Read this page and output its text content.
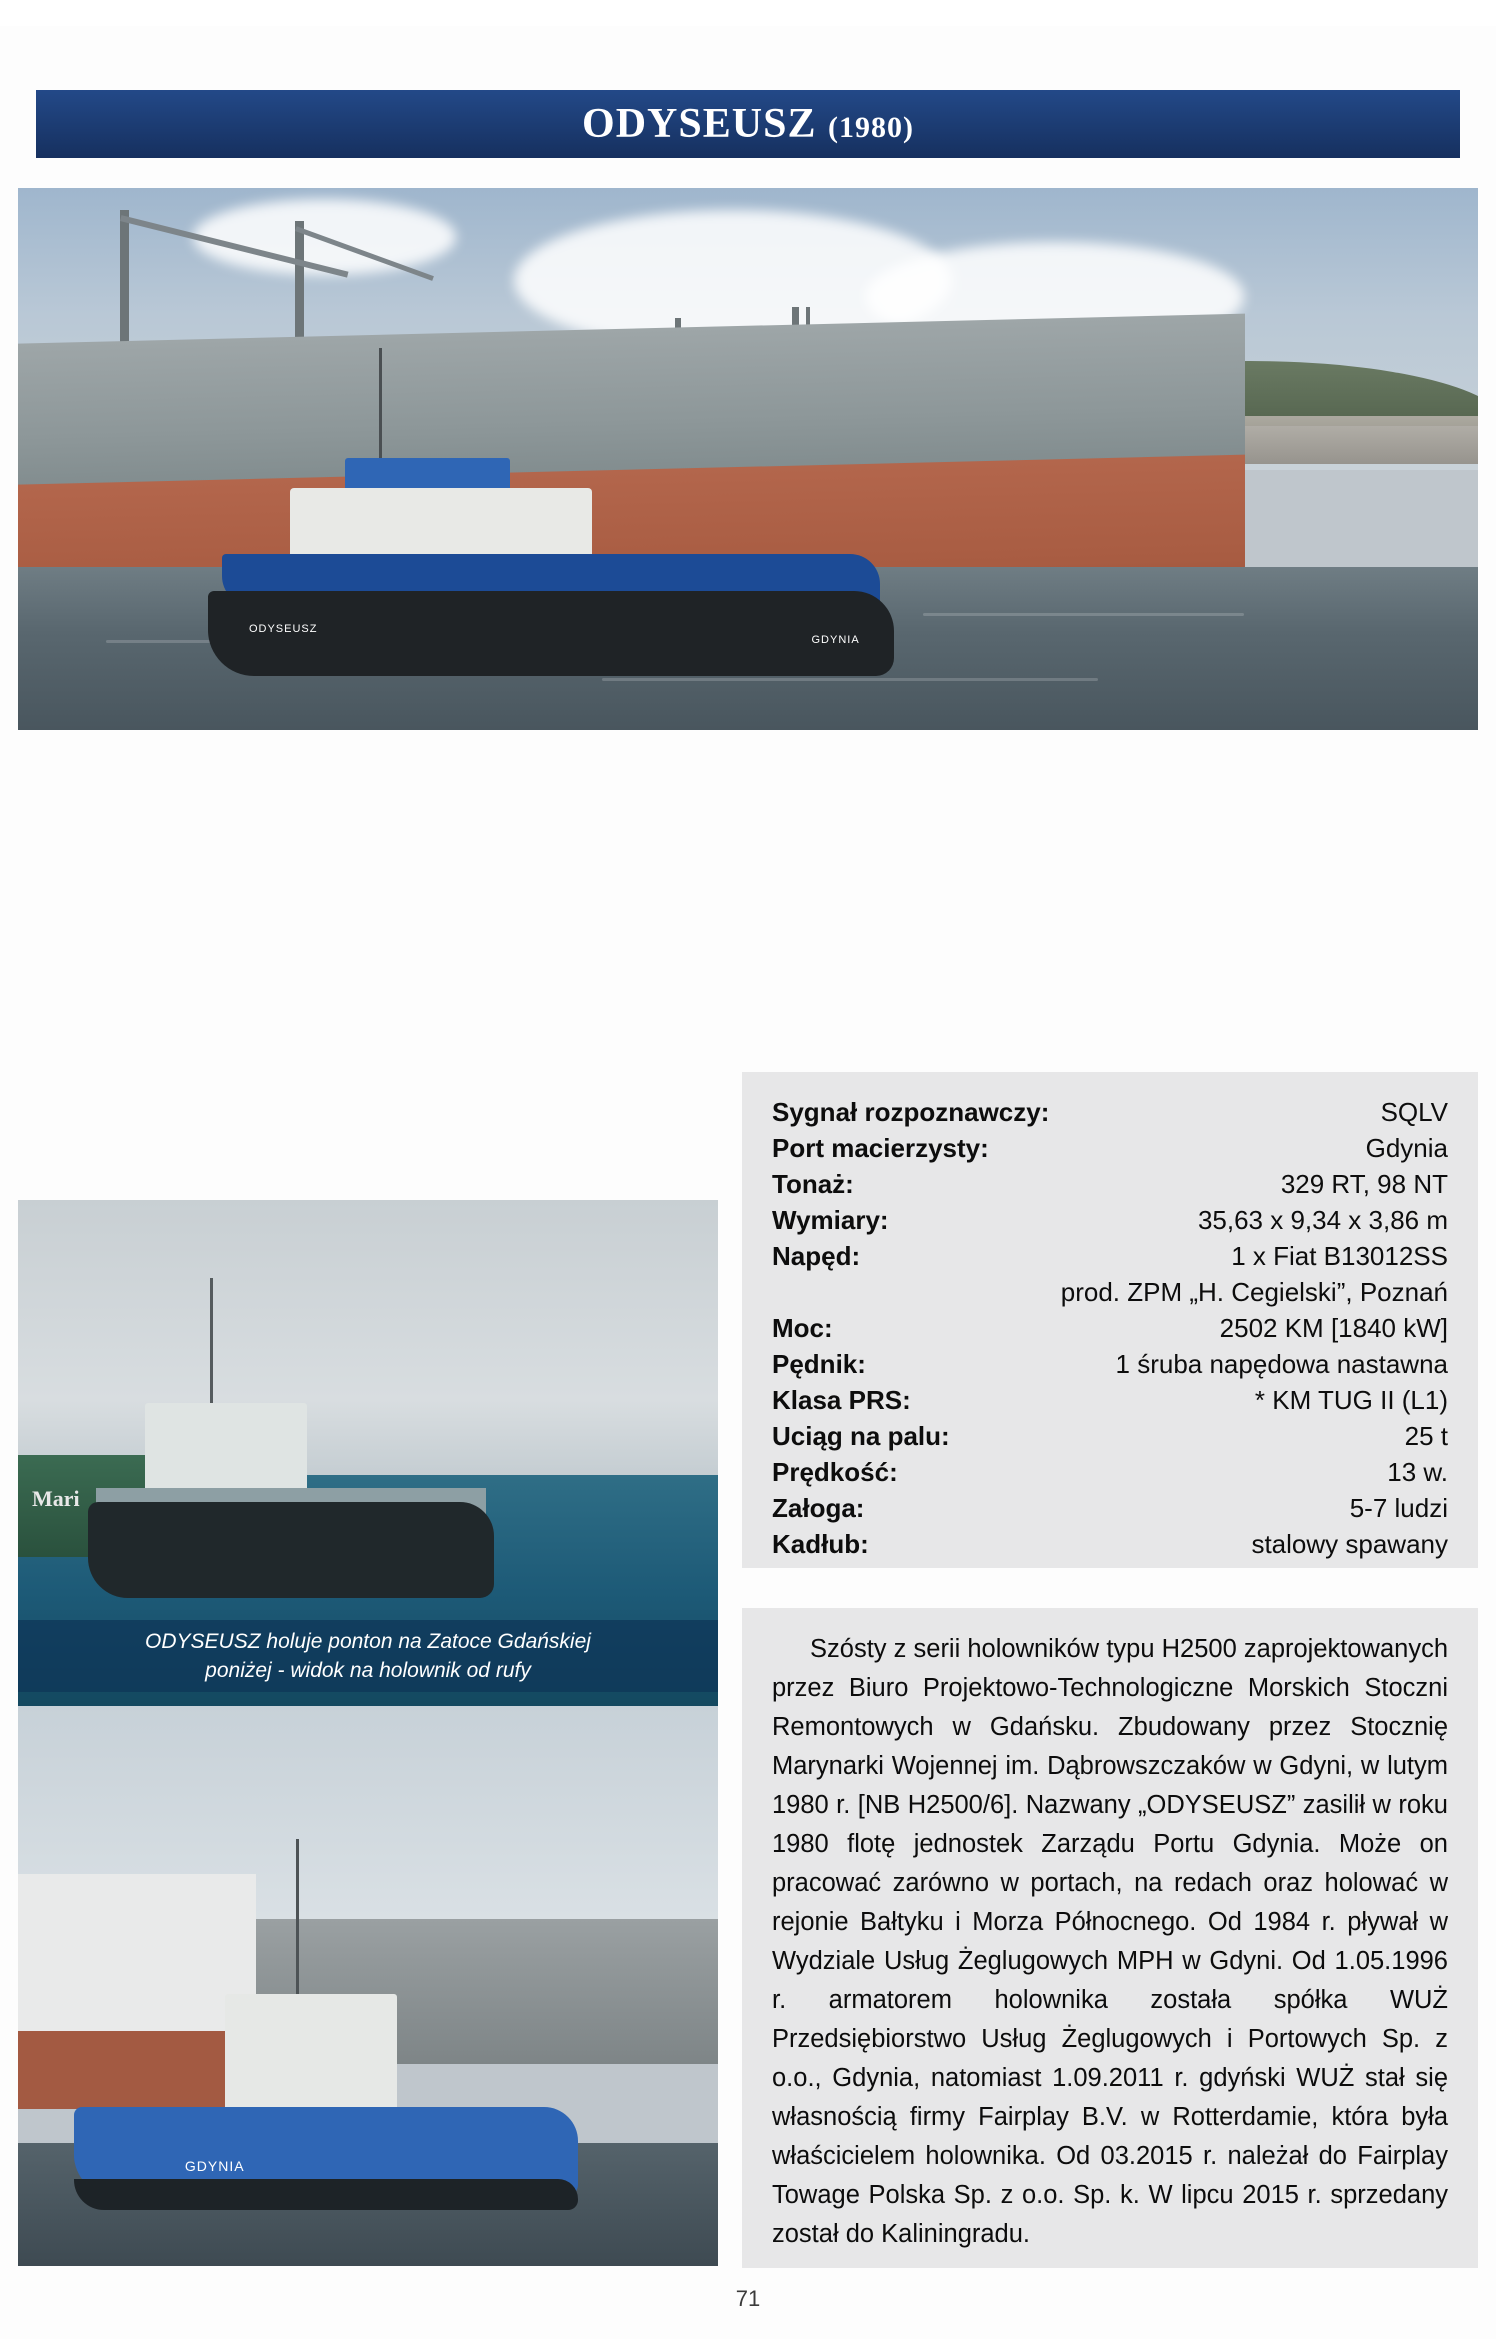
ODYSEUSZ (1980)
ODYSEUSZ
GDYNIA
Sygnał rozpoznawczy:	SQLV
Port macierzysty:	Gdynia
Tonaż:	329 RT, 98 NT
Wymiary:	35,63 x 9,34 x 3,86 m
Napęd:	1 x Fiat B13012SS
prod. ZPM „H. Cegielski”, Poznań
Moc:	2502 KM [1840 kW]
Pędnik:	1 śruba napędowa nastawna
Klasa PRS:	* KM TUG II (L1)
Uciąg na palu:	25 t
Prędkość:	13 w.
Załoga:	5-7 ludzi
Kadłub:	stalowy spawany
Mari
ODYSEUSZ holuje ponton na Zatoce Gdańskiej
poniżej - widok na holownik od rufy
GDYNIA

Szósty z serii holowników typu H2500 zaprojektowanych przez Biuro Projektowo-Technologiczne Morskich Stoczni Remontowych w Gdańsku. Zbudowany przez Stocznię Marynarki Wojennej im. Dąbrowszczaków w Gdyni, w lutym 1980 r. [NB H2500/6]. Nazwany „ODYSEUSZ” zasilił w roku 1980 flotę jednostek Zarządu Portu Gdynia. Może on pracować zarówno w portach, na redach oraz holować w rejonie Bałtyku i Morza Północnego. Od 1984 r. pływał w Wydziale Usług Żeglugowych MPH w Gdyni. Od 1.05.1996 r. armatorem holownika została spółka WUŻ Przedsiębiorstwo Usług Żeglugowych i Portowych Sp. z o.o., Gdynia, natomiast 1.09.2011 r. gdyński WUŻ stał się własnością firmy Fairplay B.V. w Rotterdamie, która była właścicielem holownika. Od 03.2015 r. należał do Fairplay Towage Polska Sp. z o.o. Sp. k. W lipcu 2015 r. sprzedany został do Kaliningradu.

71
